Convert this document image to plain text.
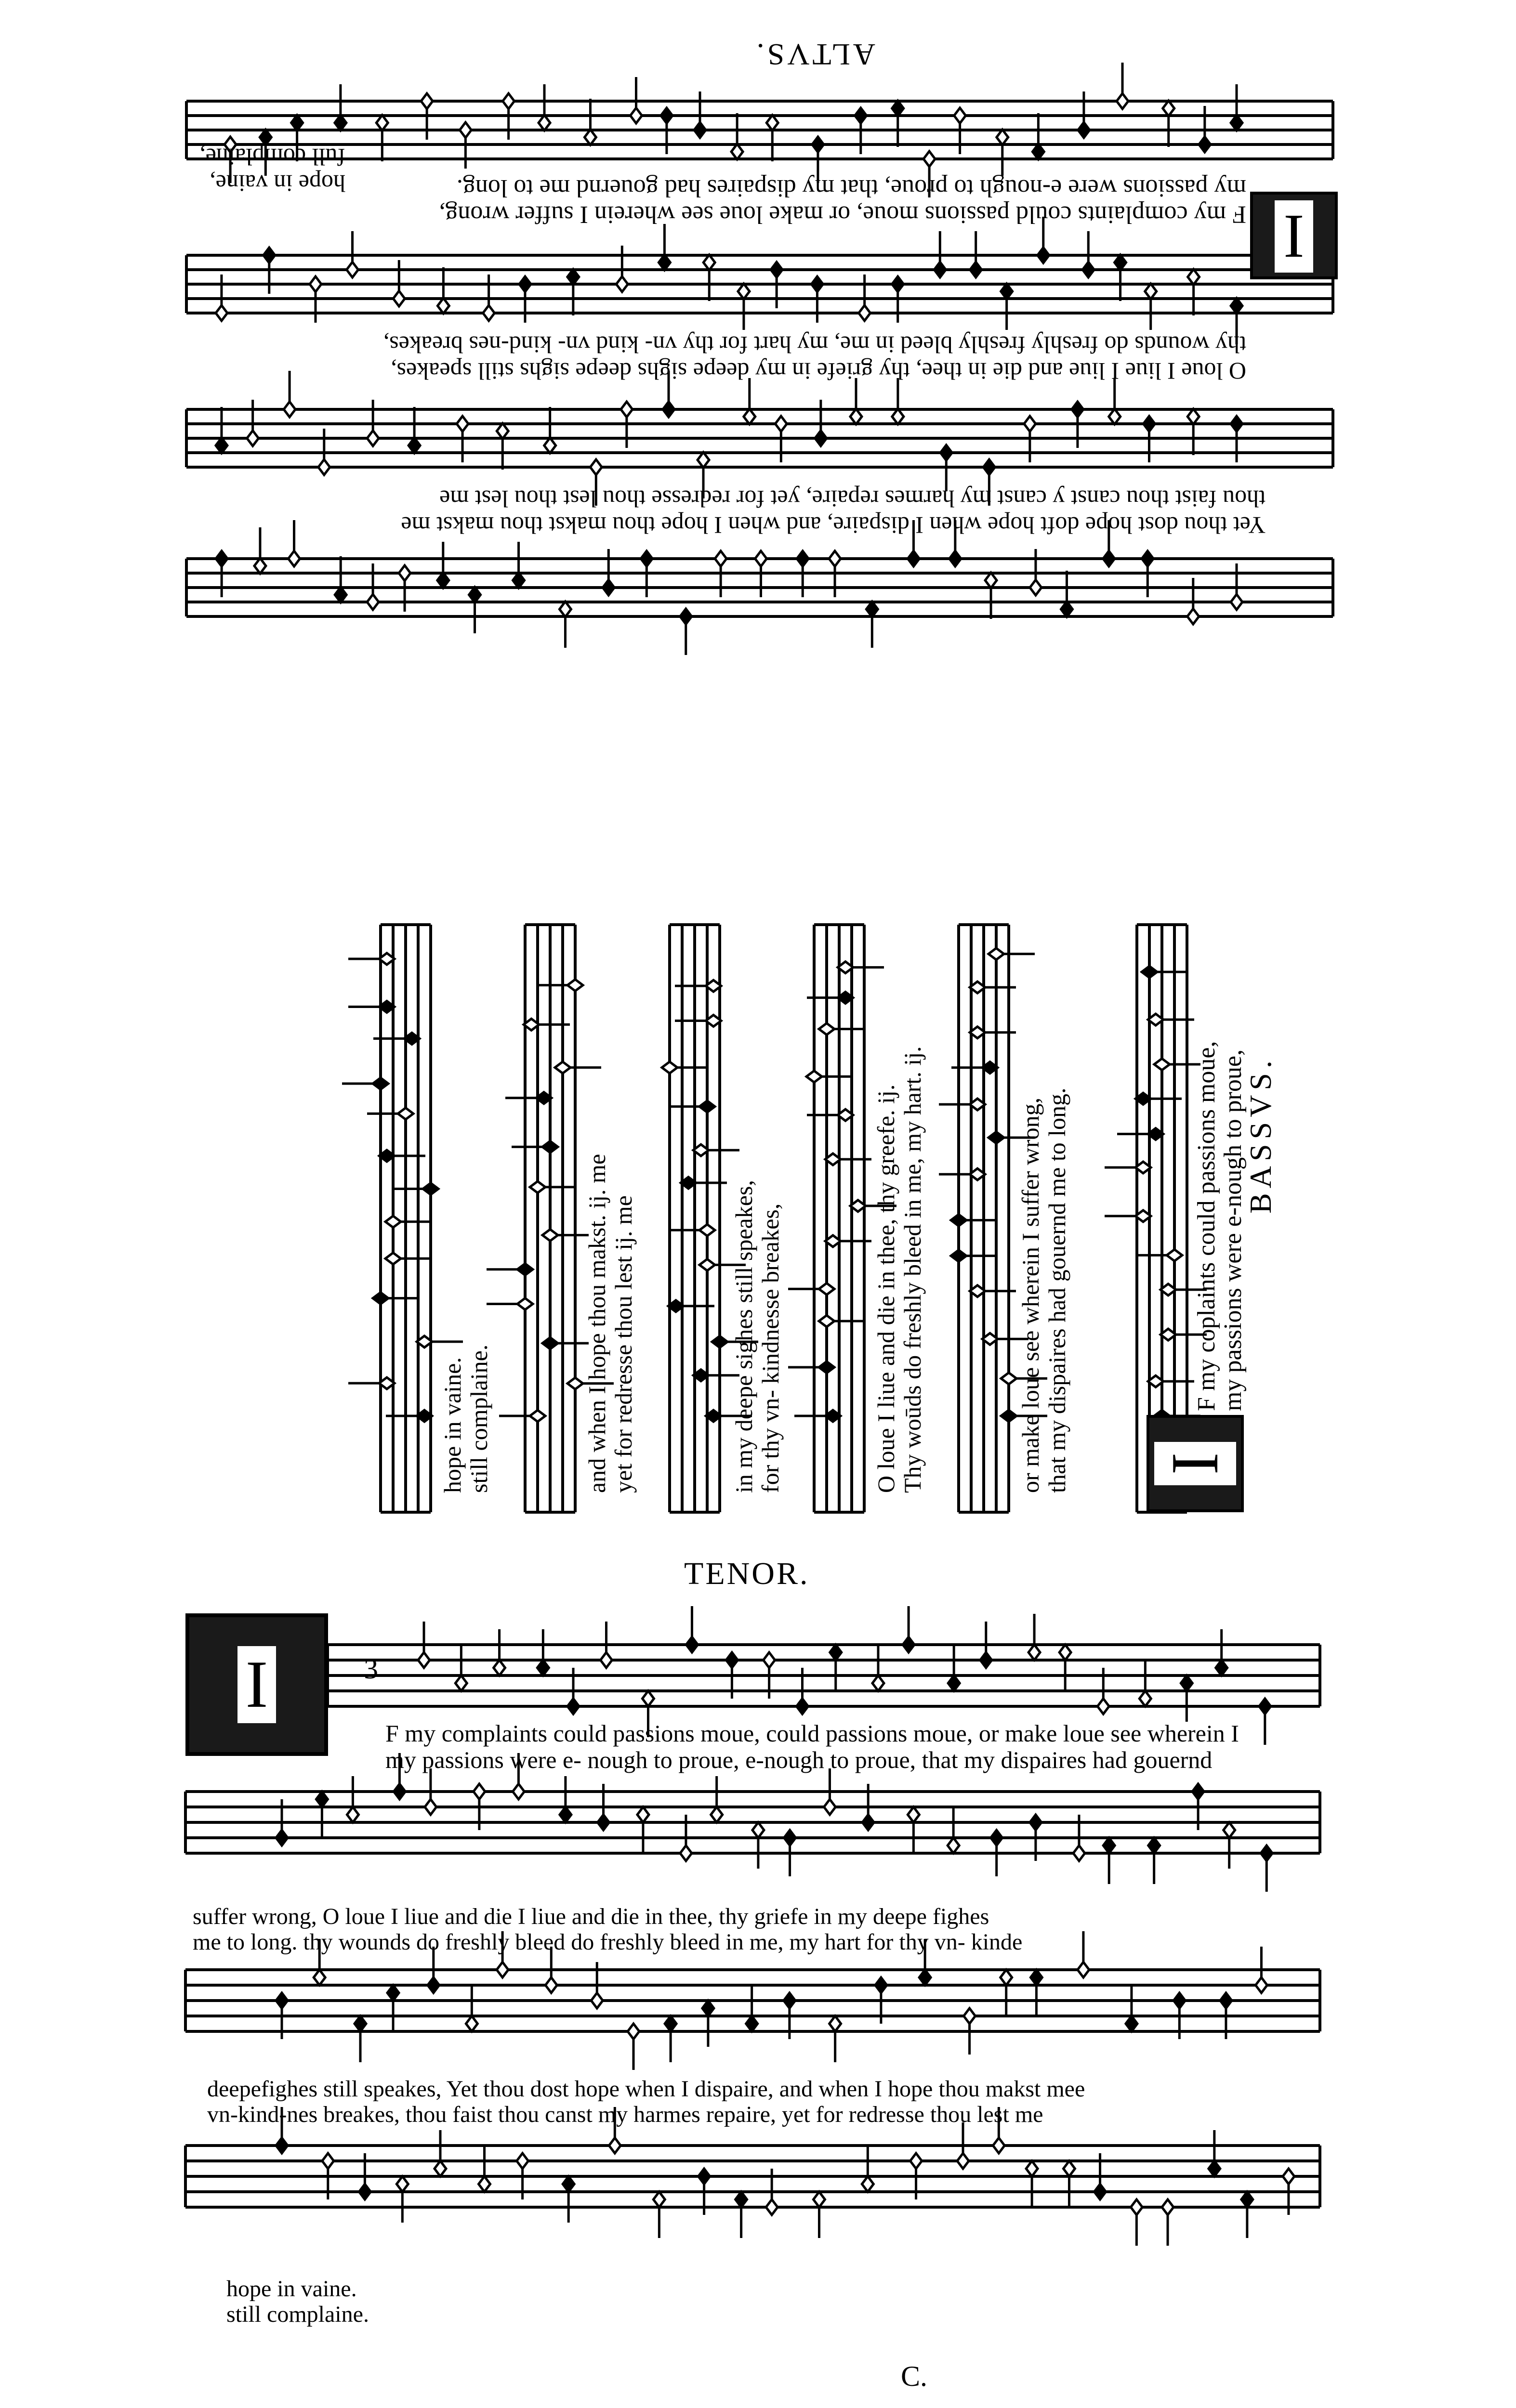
ALTVS.
I
F my complaints could passions moue, or make loue see wherein I suffer wrong,
my passions were e-nough to proue, that my dispaires had gouernd me to long.
O loue I liue I liue and die in thee, thy griefe in my deepe sighs deepe sighs still speakes,
thy wounds do freshly freshly bleed in me, my hart for thy vn- kind vn- kind-nes breakes,
Yet thou dost hope doft hope when I dispaire, and when I hope thou makst thou makst me
thou faist thou canst y canst my harmes repaire, yet for redresse thou lest thou lest me
hope in vaine,
full complaine,
BASSVS.
I
F my coplaints could passions moue,
my passions were e-nough to proue,
or make loue see wherein I suffer wrong, that my dispaires had gouernd me to long.
O loue I liue and die in thee, thy greefe. ij. Thy woūds do freshly bleed in me, my hart. ij.
in my deepe sighes still speakes, for thy vn- kindnesse breakes,
and when I hope thou makst. ij. me yet for redresse thou lest ij. me
hope in vaine. still complaine.
TENOR.
I	3
F my complaints could passions moue, could passions moue, or make loue see wherein I
my passions were e- nough to proue, e-nough to proue, that my dispaires had gouernd
suffer wrong, O loue I liue and die I liue and die in thee, thy griefe in my deepe fighes
me to long. thy wounds do freshly bleed do freshly bleed in me, my hart for thy vn- kinde
deepefighes still speakes, Yet thou dost hope when I dispaire, and when I hope thou makst mee
vn-kind-nes breakes, thou faist thou canst my harmes repaire, yet for redresse thou lest me
hope in vaine.
still complaine.
C.
